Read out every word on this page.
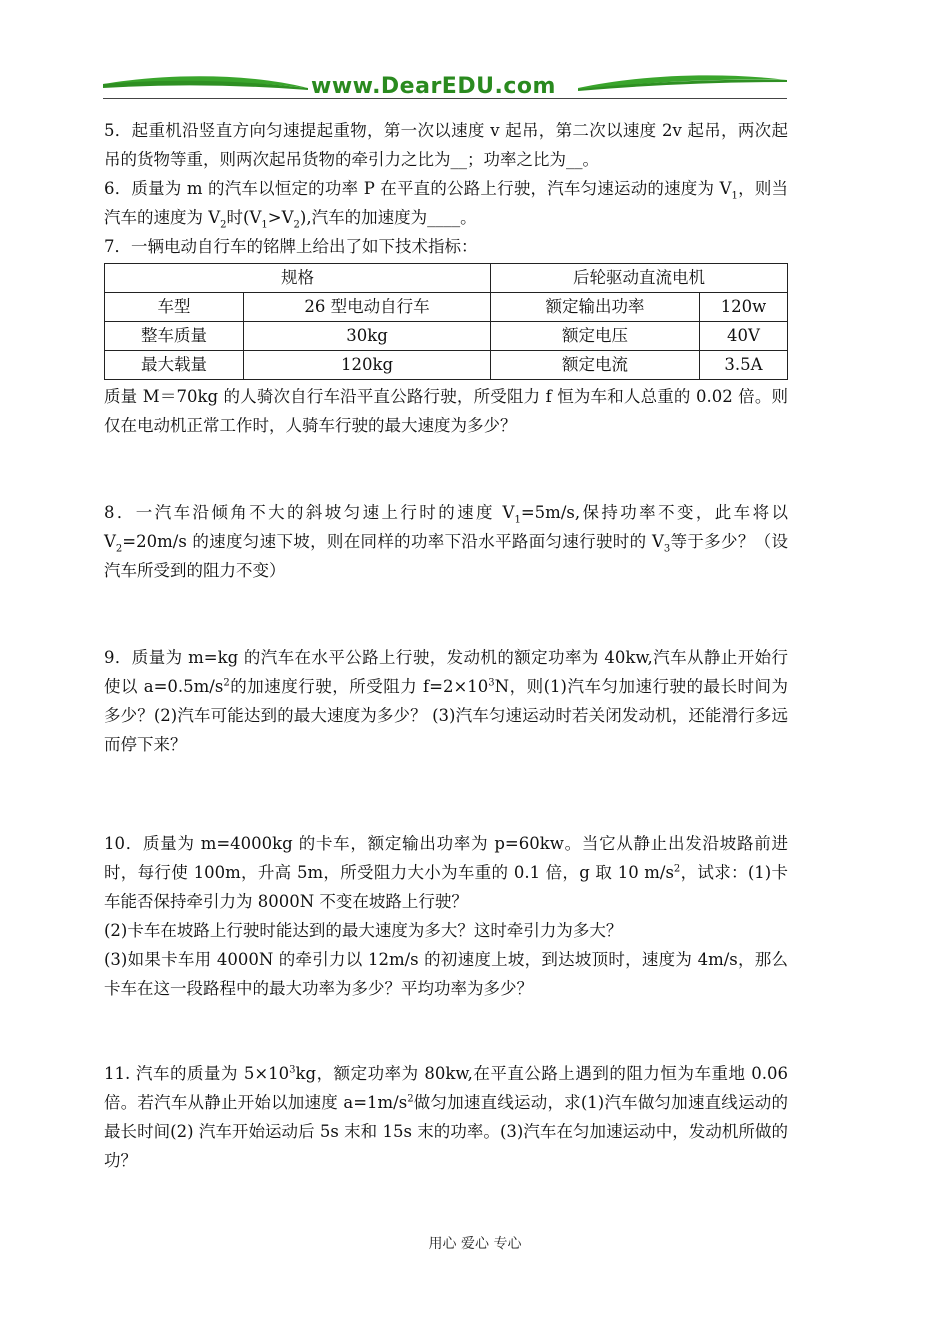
www.DearEDU.com

5．起重机沿竖直方向匀速提起重物，第一次以速度 v 起吊，第二次以速度 2v 起吊，两次起吊的货物等重，则两次起吊货物的牵引力之比为__；功率之比为__。

6．质量为 m 的汽车以恒定的功率 P 在平直的公路上行驶，汽车匀速运动的速度为 $V_1$，则当汽车的速度为 $V_2$时$(V_1>V_2)$,汽车的加速度为____。

7．一辆电动自行车的铭牌上给出了如下技术指标：

规格		后轮驱动直流电机	
车型	26 型电动自行车	额定输出功率	120w
整车质量	30kg	额定电压	40V
最大载量	120kg	额定电流	3.5A

质量 M＝70kg 的人骑次自行车沿平直公路行驶，所受阻力 f 恒为车和人总重的 0.02 倍。则仅在电动机正常工作时，人骑车行驶的最大速度为多少？

8．一汽车沿倾角不大的斜坡匀速上行时的速度 $V_1=5m/s$,保持功率不变，此车将以 $V_2=20m/s$ 的速度匀速下坡，则在同样的功率下沿水平路面匀速行驶时的 $V_3$等于多少？（设汽车所受到的阻力不变）

9．质量为 m=kg 的汽车在水平公路上行驶，发动机的额定功率为 40kw,汽车从静止开始行使以 $a=0.5m/s^2$的加速度行驶，所受阻力 $f=2\times 10^3N$，则(1)汽车匀加速行驶的最长时间为多少？(2)汽车可能达到的最大速度为多少？ (3)汽车匀速运动时若关闭发动机，还能滑行多远而停下来？

10．质量为 m=4000kg 的卡车，额定输出功率为 p=60kw。当它从静止出发沿坡路前进时，每行使 100m，升高 5m，所受阻力大小为车重的 0.1 倍，g 取 10 $m/s^2$，试求：(1)卡车能否保持牵引力为 8000N 不变在坡路上行驶？

(2)卡车在坡路上行驶时能达到的最大速度为多大？这时牵引力为多大？

(3)如果卡车用 4000N 的牵引力以 12m/s 的初速度上坡，到达坡顶时，速度为 4m/s，那么卡车在这一段路程中的最大功率为多少？平均功率为多少？

11. 汽车的质量为 $5\times 10^3kg$，额定功率为 80kw,在平直公路上遇到的阻力恒为车重地 0.06 倍。若汽车从静止开始以加速度 $a=1m/s^2$做匀加速直线运动，求(1)汽车做匀加速直线运动的最长时间(2) 汽车开始运动后 5s 末和 15s 末的功率。(3)汽车在匀加速运动中，发动机所做的功？

用心 爱心 专心
